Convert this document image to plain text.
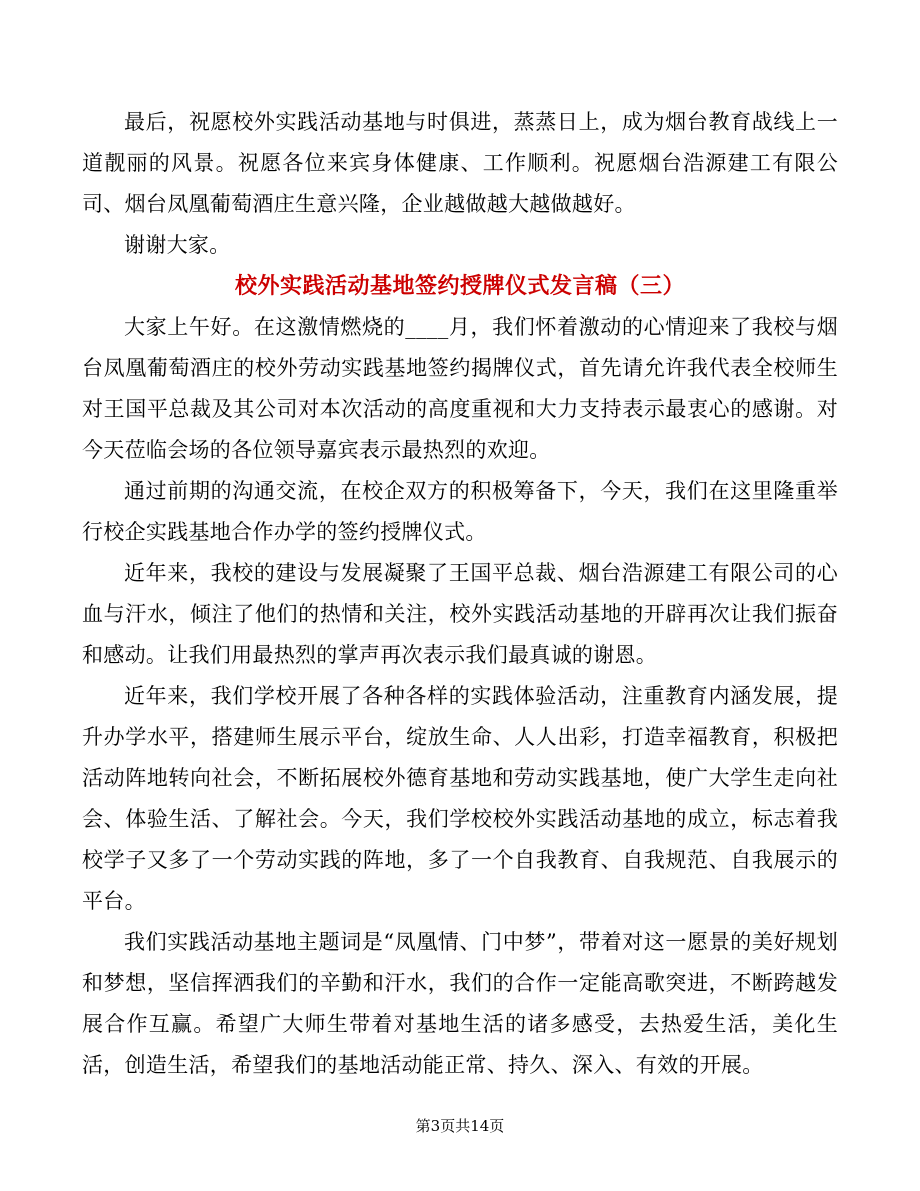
最后，祝愿校外实践活动基地与时俱进，蒸蒸日上，成为烟台教育战线上一道靓丽的风景。祝愿各位来宾身体健康、工作顺利。祝愿烟台浩源建工有限公司、烟台凤凰葡萄酒庄生意兴隆，企业越做越大越做越好。

谢谢大家。

校外实践活动基地签约授牌仪式发言稿（三）

大家上午好。在这激情燃烧的____月，我们怀着激动的心情迎来了我校与烟台凤凰葡萄酒庄的校外劳动实践基地签约揭牌仪式，首先请允许我代表全校师生对王国平总裁及其公司对本次活动的高度重视和大力支持表示最衷心的感谢。对今天莅临会场的各位领导嘉宾表示最热烈的欢迎。

通过前期的沟通交流，在校企双方的积极筹备下，今天，我们在这里隆重举行校企实践基地合作办学的签约授牌仪式。

近年来，我校的建设与发展凝聚了王国平总裁、烟台浩源建工有限公司的心血与汗水，倾注了他们的热情和关注，校外实践活动基地的开辟再次让我们振奋和感动。让我们用最热烈的掌声再次表示我们最真诚的谢恩。

近年来，我们学校开展了各种各样的实践体验活动，注重教育内涵发展，提升办学水平，搭建师生展示平台，绽放生命、人人出彩，打造幸福教育，积极把活动阵地转向社会，不断拓展校外德育基地和劳动实践基地，使广大学生走向社会、体验生活、了解社会。今天，我们学校校外实践活动基地的成立，标志着我校学子又多了一个劳动实践的阵地，多了一个自我教育、自我规范、自我展示的平台。

我们实践活动基地主题词是“凤凰情、门中梦”，带着对这一愿景的美好规划和梦想，坚信挥洒我们的辛勤和汗水，我们的合作一定能高歌突进，不断跨越发展合作互赢。希望广大师生带着对基地生活的诸多感受，去热爱生活，美化生活，创造生活，希望我们的基地活动能正常、持久、深入、有效的开展。

第3页共14页
